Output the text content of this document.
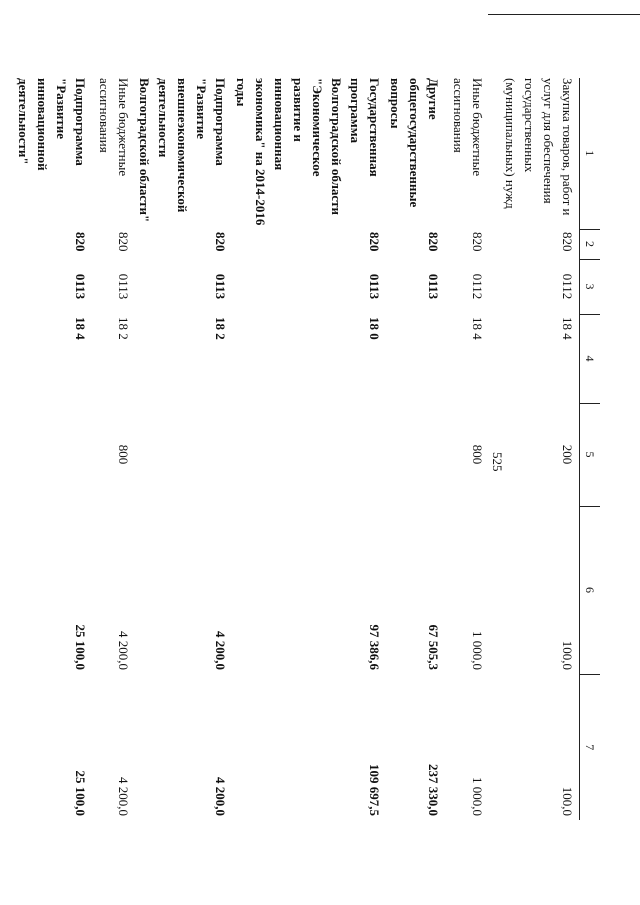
525
1	2	3	4	5	6	7
Закупка товаров, работ и услуг для обеспечения государственных (муниципальных) нужд	820	0112	18 4	200	100,0	100,0
Иные бюджетные ассигнования	820	0112	18 4	800	1 000,0	1 000,0
Другие общегосударственные вопросы	820	0113			67 505,3	237 330,0
Государственная программа Волгоградской области "Экономическое развитие и инновационная экономика" на 2014-2016 годы	820	0113	18 0		97 386,6	109 697,5
Подпрограмма "Развитие внешнеэкономической деятельности Волгоградской области"	820	0113	18 2		4 200,0	4 200,0
Иные бюджетные ассигнования	820	0113	18 2	800	4 200,0	4 200,0
Подпрограмма "Развитие инновационной деятельности"	820	0113	18 4		25 100,0	25 100,0
